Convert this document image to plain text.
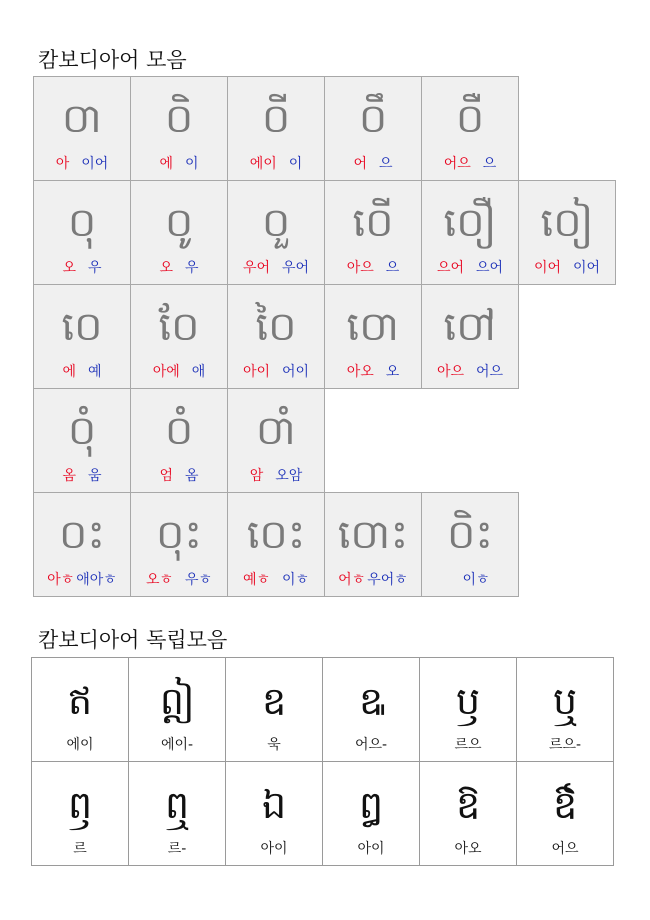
캄보디아어 모음
០
아 이어
០
에 이
០
에이 이
០
어 으
០
어으 으
០
오 우
០
오 우
០
우어 우어
០
아으 으
០
으어 으어
០
이어 이어
០
에 예
០
아에 애
០
아이 어이
០
아오 오
០
아으 어으
០
옴 움
០
엄 옴
០
암 오암
០
아ㅎ 애아ㅎ
០
오ㅎ 우ㅎ
០
예ㅎ 이ㅎ
០
어ㅎ 우어ㅎ
០
이ㅎ
캄보디아어 독립모음
ឥ
에이
ឦ
에이-
ឧ
욱
ឩ
어으-
ឫ
르으
ឬ
르으-
ឭ
르
ឮ
르-
ឯ
아이
ឰ
아이
ឱ
아오
ឳ
어으
